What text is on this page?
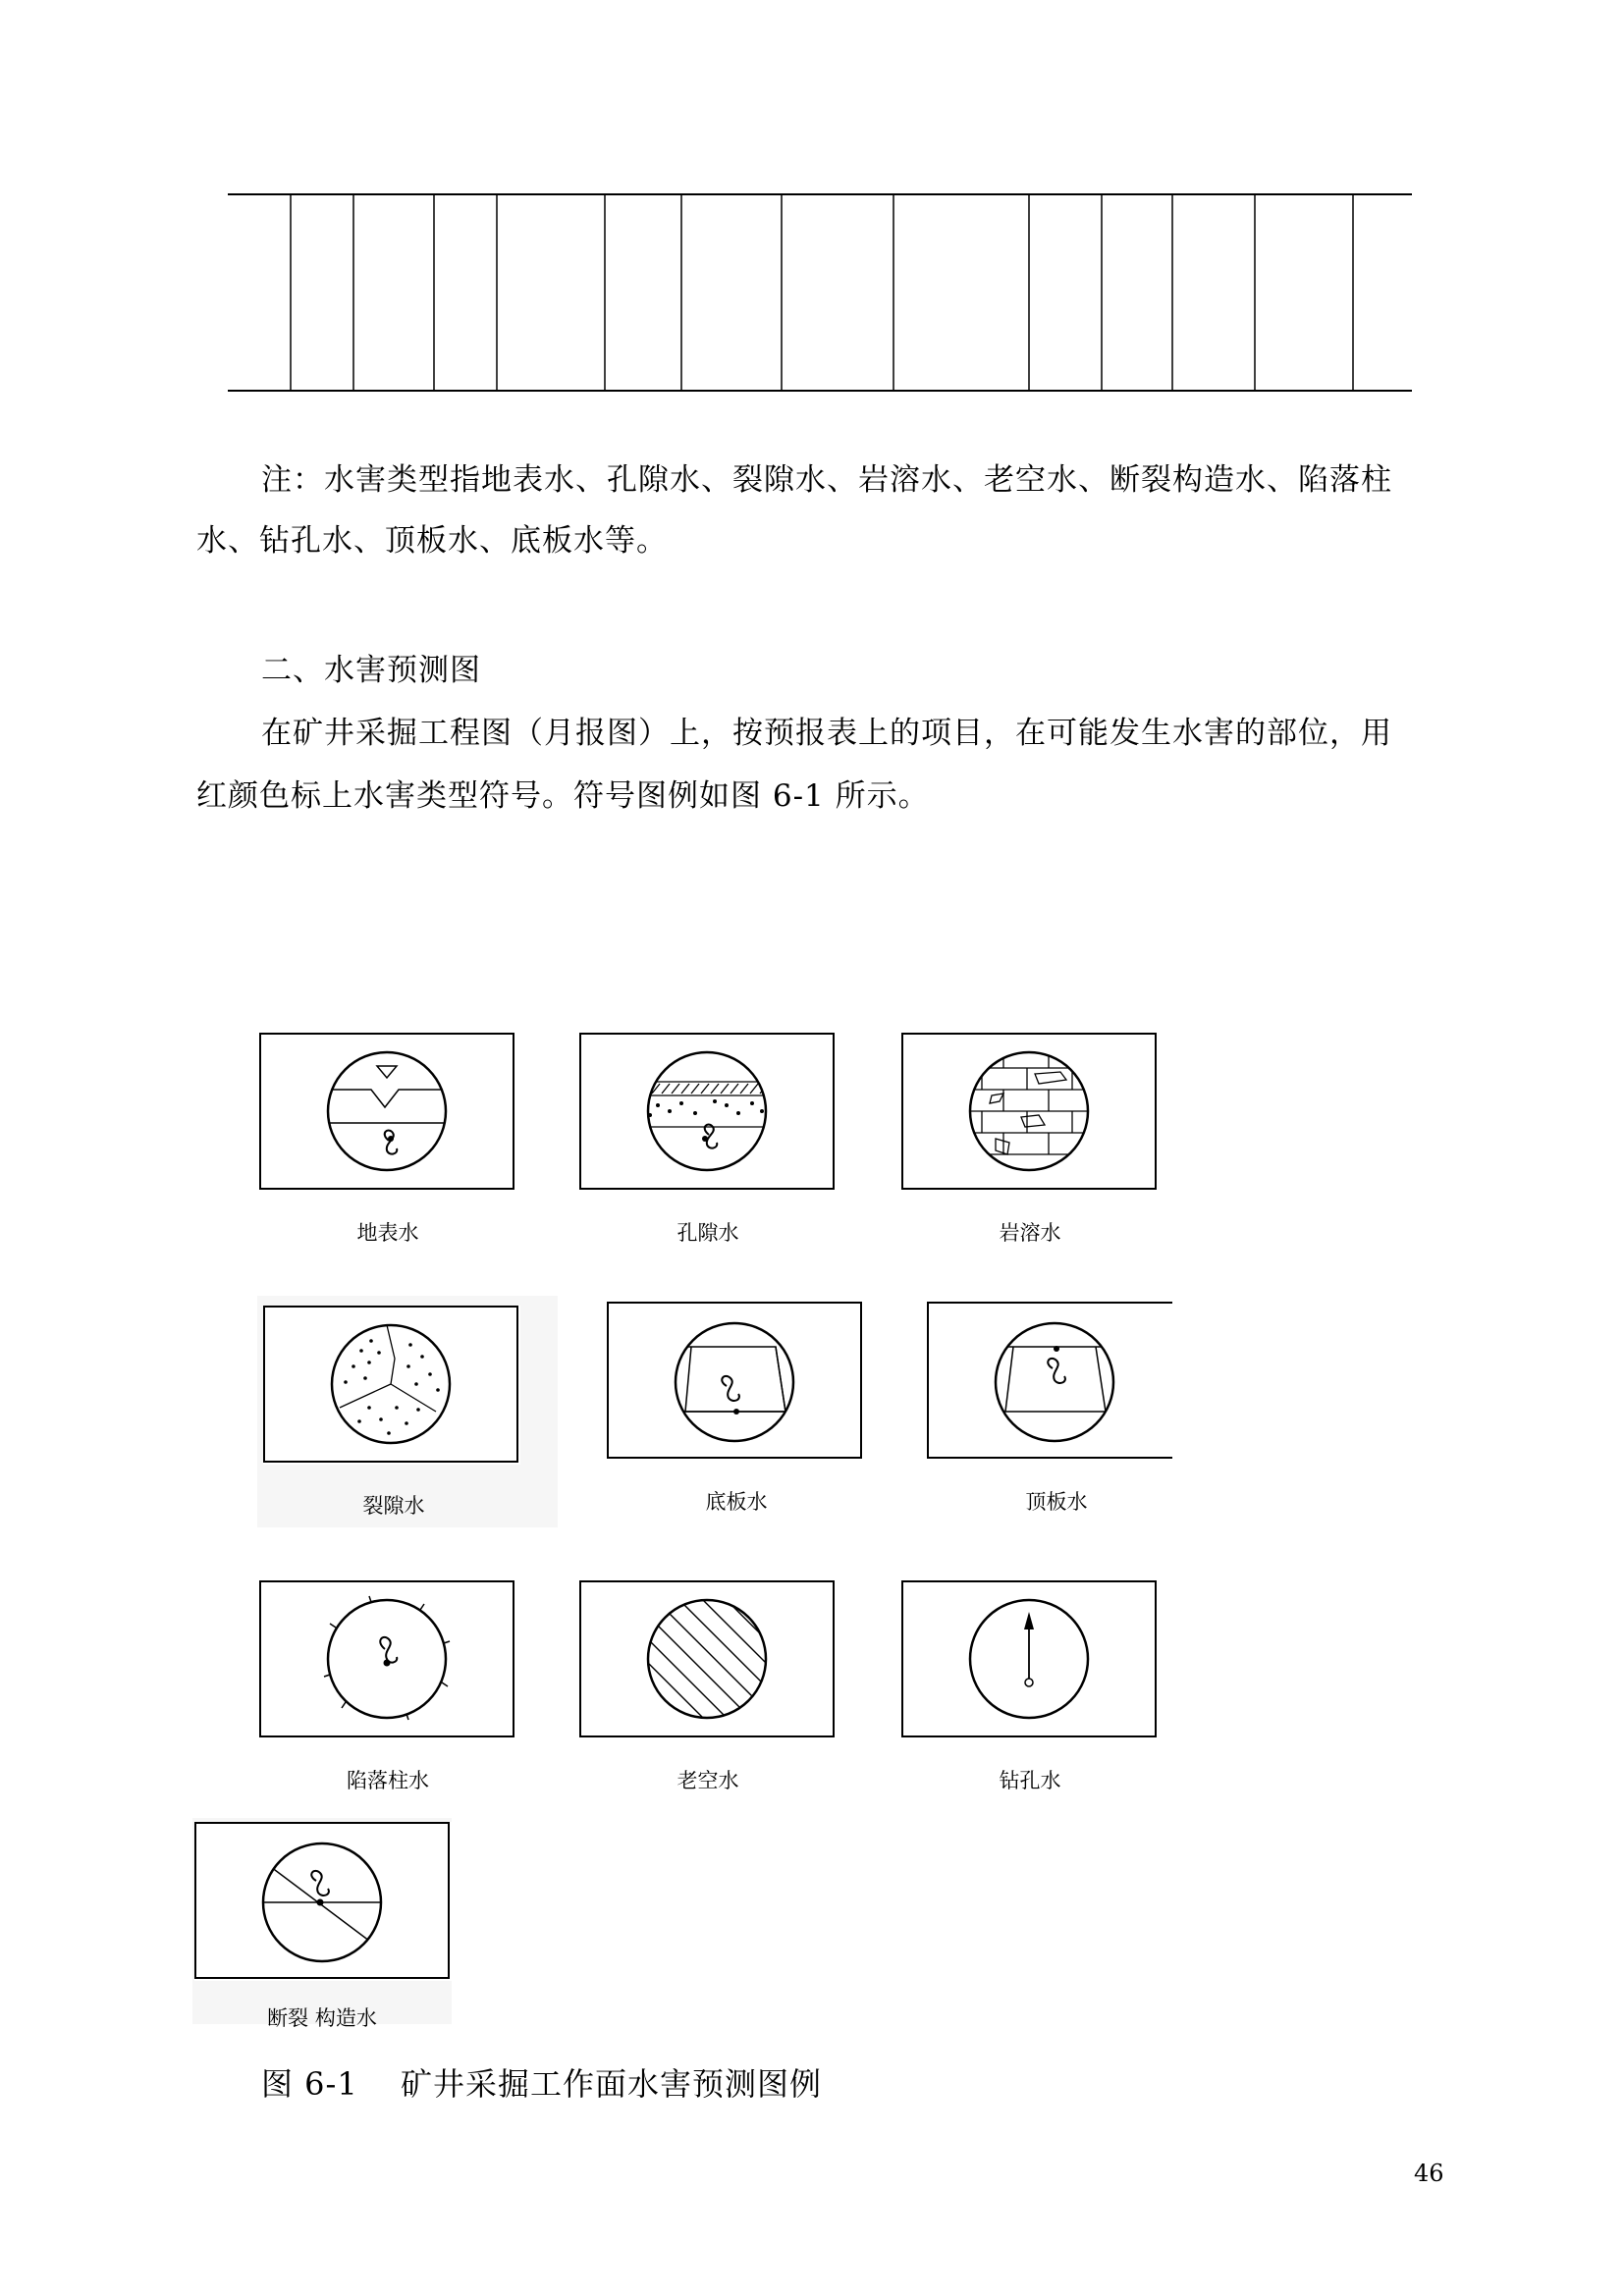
注：水害类型指地表水、孔隙水、裂隙水、岩溶水、老空水、断裂构造水、陷落柱
水、钻孔水、顶板水、底板水等。
二、水害预测图
在矿井采掘工程图（月报图）上，按预报表上的项目，在可能发生水害的部位，用
红颜色标上水害类型符号。符号图例如图 6-1 所示。
地表水	孔隙水	岩溶水
裂隙水	底板水	顶板水
陷落柱水	老空水	钻孔水
断裂 构造水
图 6-1 矿井采掘工作面水害预测图例
46
